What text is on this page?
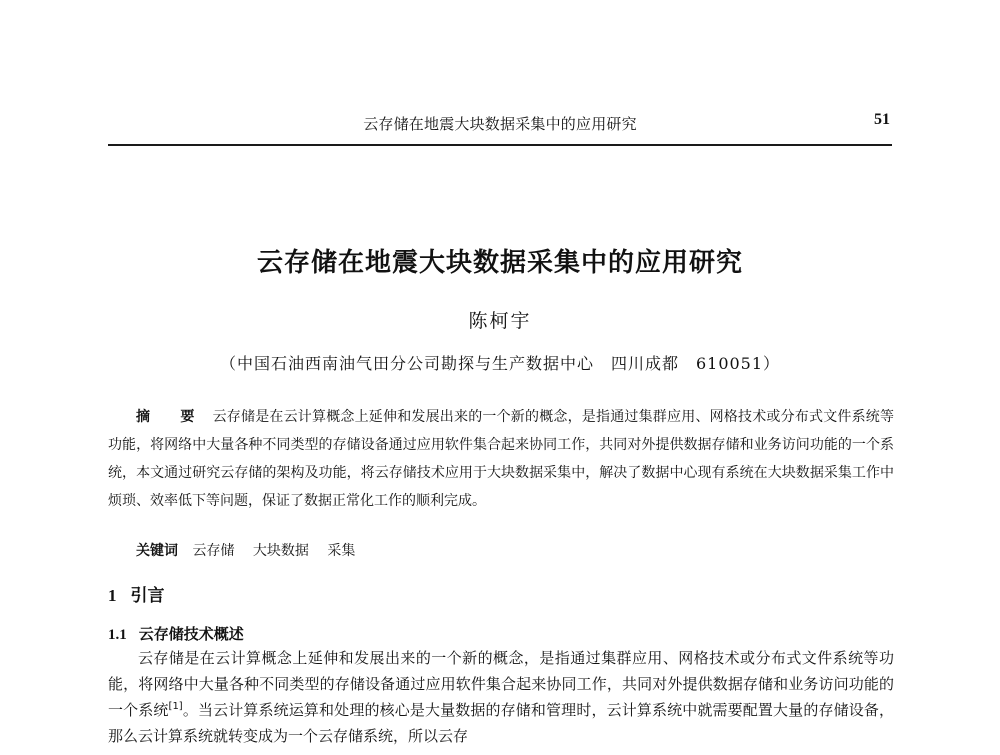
云存储在地震大块数据采集中的应用研究	51
云存储在地震大块数据采集中的应用研究
陈柯宇
（中国石油西南油气田分公司勘探与生产数据中心　四川成都　610051）
摘　要 云存储是在云计算概念上延伸和发展出来的一个新的概念，是指通过集群应用、网格技术或分布式文件系统等功能，将网络中大量各种不同类型的存储设备通过应用软件集合起来协同工作，共同对外提供数据存储和业务访问功能的一个系统，本文通过研究云存储的架构及功能，将云存储技术应用于大块数据采集中，解决了数据中心现有系统在大块数据采集工作中烦琐、效率低下等问题，保证了数据正常化工作的顺利完成。
关键词 云存储 大块数据 采集
1 引言
1.1 云存储技术概述
云存储是在云计算概念上延伸和发展出来的一个新的概念，是指通过集群应用、网格技术或分布式文件系统等功能，将网络中大量各种不同类型的存储设备通过应用软件集合起来协同工作，共同对外提供数据存储和业务访问功能的一个系统[1]。当云计算系统运算和处理的核心是大量数据的存储和管理时，云计算系统中就需要配置大量的存储设备，那么云计算系统就转变成为一个云存储系统，所以云存
